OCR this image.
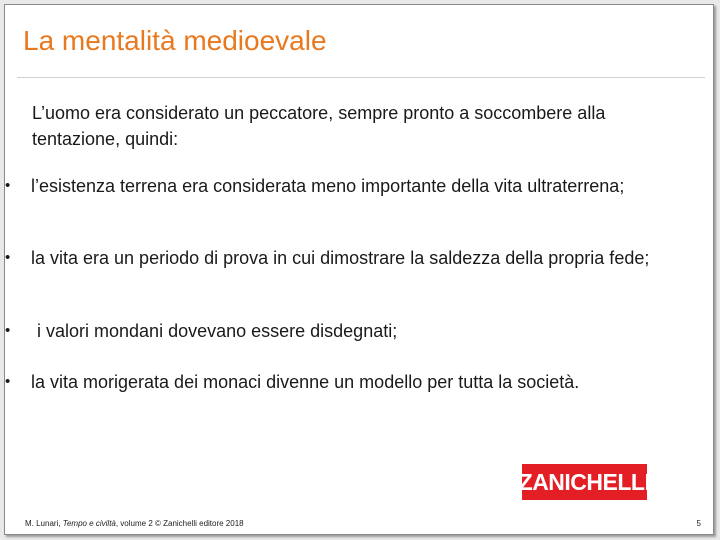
La mentalità medioevale
L’uomo era considerato un peccatore, sempre pronto a soccombere alla tentazione, quindi:
• l’esistenza terrena era considerata meno importante della vita ultraterrena;
• la vita era un periodo di prova in cui dimostrare la saldezza della propria fede;
• i valori mondani dovevano essere disdegnati;
• la vita morigerata dei monaci divenne un modello per tutta la società.
ZANICHELLI
M. Lunari, Tempo e civiltà, volume 2 © Zanichelli editore 2018	5
